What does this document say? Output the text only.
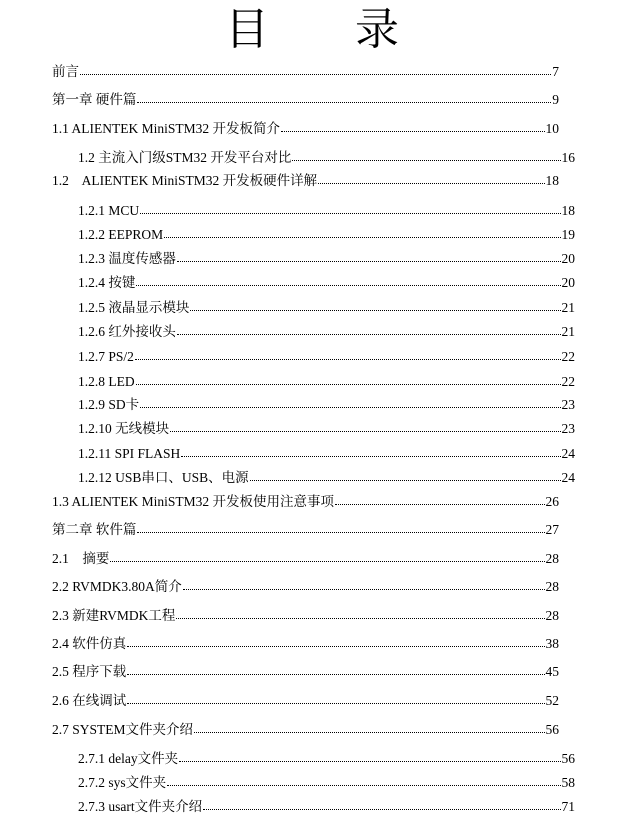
目 录
前言	7
第一章 硬件篇	9
1.1 ALIENTEK MiniSTM32 开发板简介	10
1.2 主流入门级STM32 开发平台对比	16
1.2    ALIENTEK MiniSTM32 开发板硬件详解	18
1.2.1 MCU	18
1.2.2 EEPROM	19
1.2.3 温度传感器	20
1.2.4 按键	20
1.2.5 液晶显示模块	21
1.2.6 红外接收头	21
1.2.7 PS/2	22
1.2.8 LED	22
1.2.9 SD卡	23
1.2.10 无线模块	23
1.2.11 SPI FLASH	24
1.2.12 USB串口、USB、电源	24
1.3 ALIENTEK MiniSTM32 开发板使用注意事项	26
第二章 软件篇	27
2.1    摘要	28
2.2 RVMDK3.80A简介	28
2.3 新建RVMDK工程	28
2.4 软件仿真	38
2.5 程序下载	45
2.6 在线调试	52
2.7 SYSTEM文件夹介绍	56
2.7.1 delay文件夹	56
2.7.2 sys文件夹	58
2.7.3 usart文件夹介绍	71
